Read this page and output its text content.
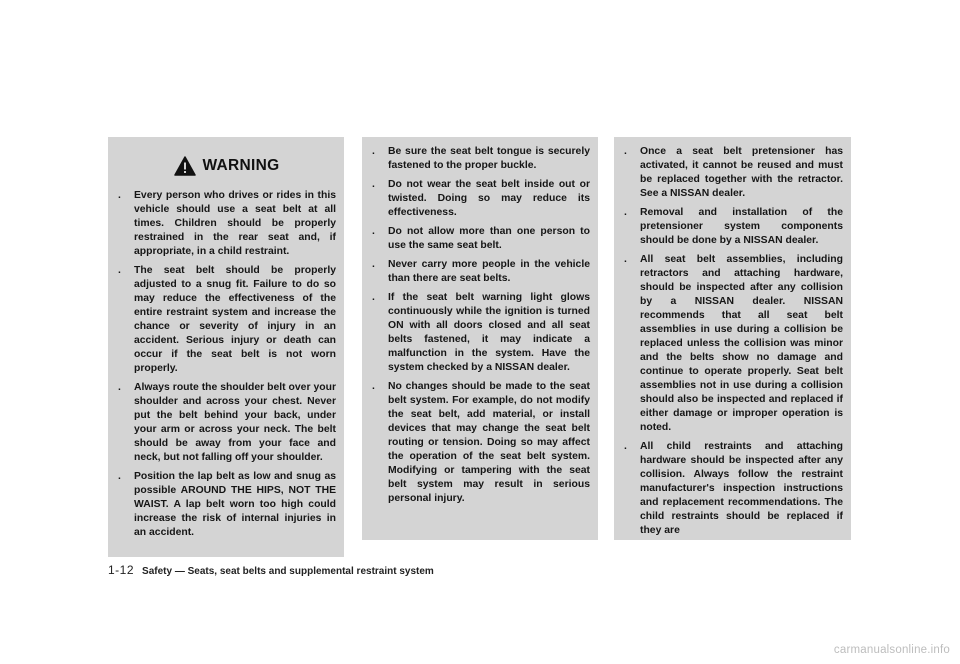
WARNING
.	Every person who drives or rides in this vehicle should use a seat belt at all times. Children should be properly restrained in the rear seat and, if appropriate, in a child restraint.
.	The seat belt should be properly adjusted to a snug fit. Failure to do so may reduce the effectiveness of the entire restraint system and increase the chance or severity of injury in an accident. Serious injury or death can occur if the seat belt is not worn properly.
.	Always route the shoulder belt over your shoulder and across your chest. Never put the belt behind your back, under your arm or across your neck. The belt should be away from your face and neck, but not falling off your shoulder.
.	Position the lap belt as low and snug as possible AROUND THE HIPS, NOT THE WAIST. A lap belt worn too high could increase the risk of internal injuries in an accident.
.	Be sure the seat belt tongue is securely fastened to the proper buckle.
.	Do not wear the seat belt inside out or twisted. Doing so may reduce its effectiveness.
.	Do not allow more than one person to use the same seat belt.
.	Never carry more people in the vehicle than there are seat belts.
.	If the seat belt warning light glows continuously while the ignition is turned ON with all doors closed and all seat belts fastened, it may indicate a malfunction in the system. Have the system checked by a NISSAN dealer.
.	No changes should be made to the seat belt system. For example, do not modify the seat belt, add material, or install devices that may change the seat belt routing or tension. Doing so may affect the operation of the seat belt system. Modifying or tampering with the seat belt system may result in serious personal injury.
.	Once a seat belt pretensioner has activated, it cannot be reused and must be replaced together with the retractor. See a NISSAN dealer.
.	Removal and installation of the pretensioner system components should be done by a NISSAN dealer.
.	All seat belt assemblies, including retractors and attaching hardware, should be inspected after any collision by a NISSAN dealer. NISSAN recommends that all seat belt assemblies in use during a collision be replaced unless the collision was minor and the belts show no damage and continue to operate properly. Seat belt assemblies not in use during a collision should also be inspected and replaced if either damage or improper operation is noted.
.	All child restraints and attaching hardware should be inspected after any collision. Always follow the restraint manufacturer's inspection instructions and replacement recommendations. The child restraints should be replaced if they are
1-12 Safety — Seats, seat belts and supplemental restraint system
carmanualsonline.info
